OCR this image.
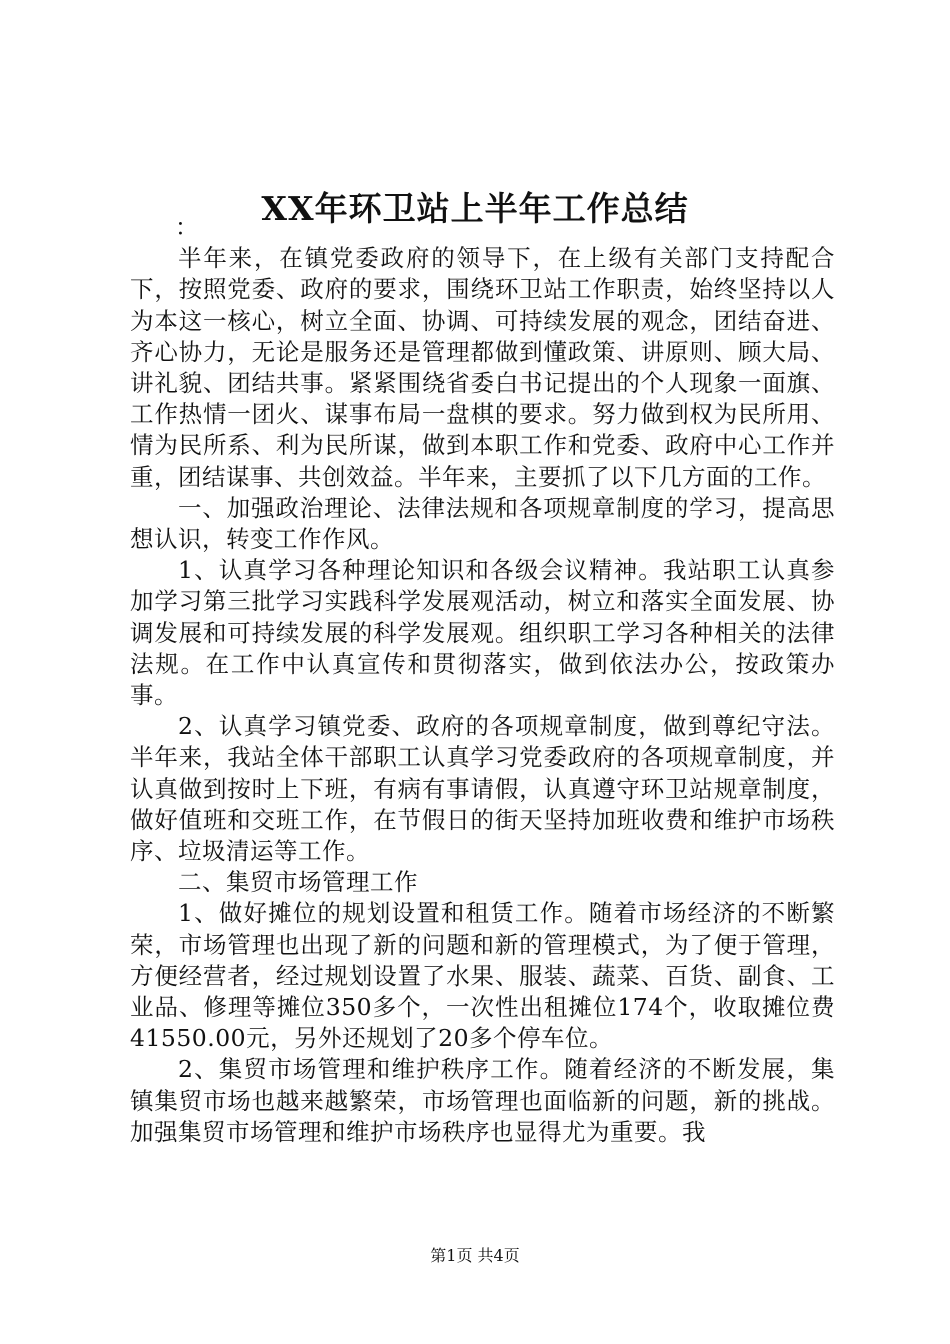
XX年环卫站上半年工作总结

：

半年来，在镇党委政府的领导下，在上级有关部门支持配合下，按照党委、政府的要求，围绕环卫站工作职责，始终坚持以人为本这一核心，树立全面、协调、可持续发展的观念，团结奋进、齐心协力，无论是服务还是管理都做到懂政策、讲原则、顾大局、讲礼貌、团结共事。紧紧围绕省委白书记提出的个人现象一面旗、工作热情一团火、谋事布局一盘棋的要求。努力做到权为民所用、情为民所系、利为民所谋，做到本职工作和党委、政府中心工作并重，团结谋事、共创效益。半年来，主要抓了以下几方面的工作。

一、加强政治理论、法律法规和各项规章制度的学习，提高思想认识，转变工作作风。

1、认真学习各种理论知识和各级会议精神。我站职工认真参加学习第三批学习实践科学发展观活动，树立和落实全面发展、协调发展和可持续发展的科学发展观。组织职工学习各种相关的法律法规。在工作中认真宣传和贯彻落实，做到依法办公，按政策办事。

2、认真学习镇党委、政府的各项规章制度，做到尊纪守法。半年来，我站全体干部职工认真学习党委政府的各项规章制度，并认真做到按时上下班，有病有事请假，认真遵守环卫站规章制度，做好值班和交班工作，在节假日的街天坚持加班收费和维护市场秩序、垃圾清运等工作。

二、集贸市场管理工作

1、做好摊位的规划设置和租赁工作。随着市场经济的不断繁荣，市场管理也出现了新的问题和新的管理模式，为了便于管理，方便经营者，经过规划设置了水果、服装、蔬菜、百货、副食、工业品、修理等摊位350多个，一次性出租摊位174个，收取摊位费41550.00元，另外还规划了20多个停车位。

2、集贸市场管理和维护秩序工作。随着经济的不断发展，集镇集贸市场也越来越繁荣，市场管理也面临新的问题，新的挑战。加强集贸市场管理和维护市场秩序也显得尤为重要。我

第1页 共4页
